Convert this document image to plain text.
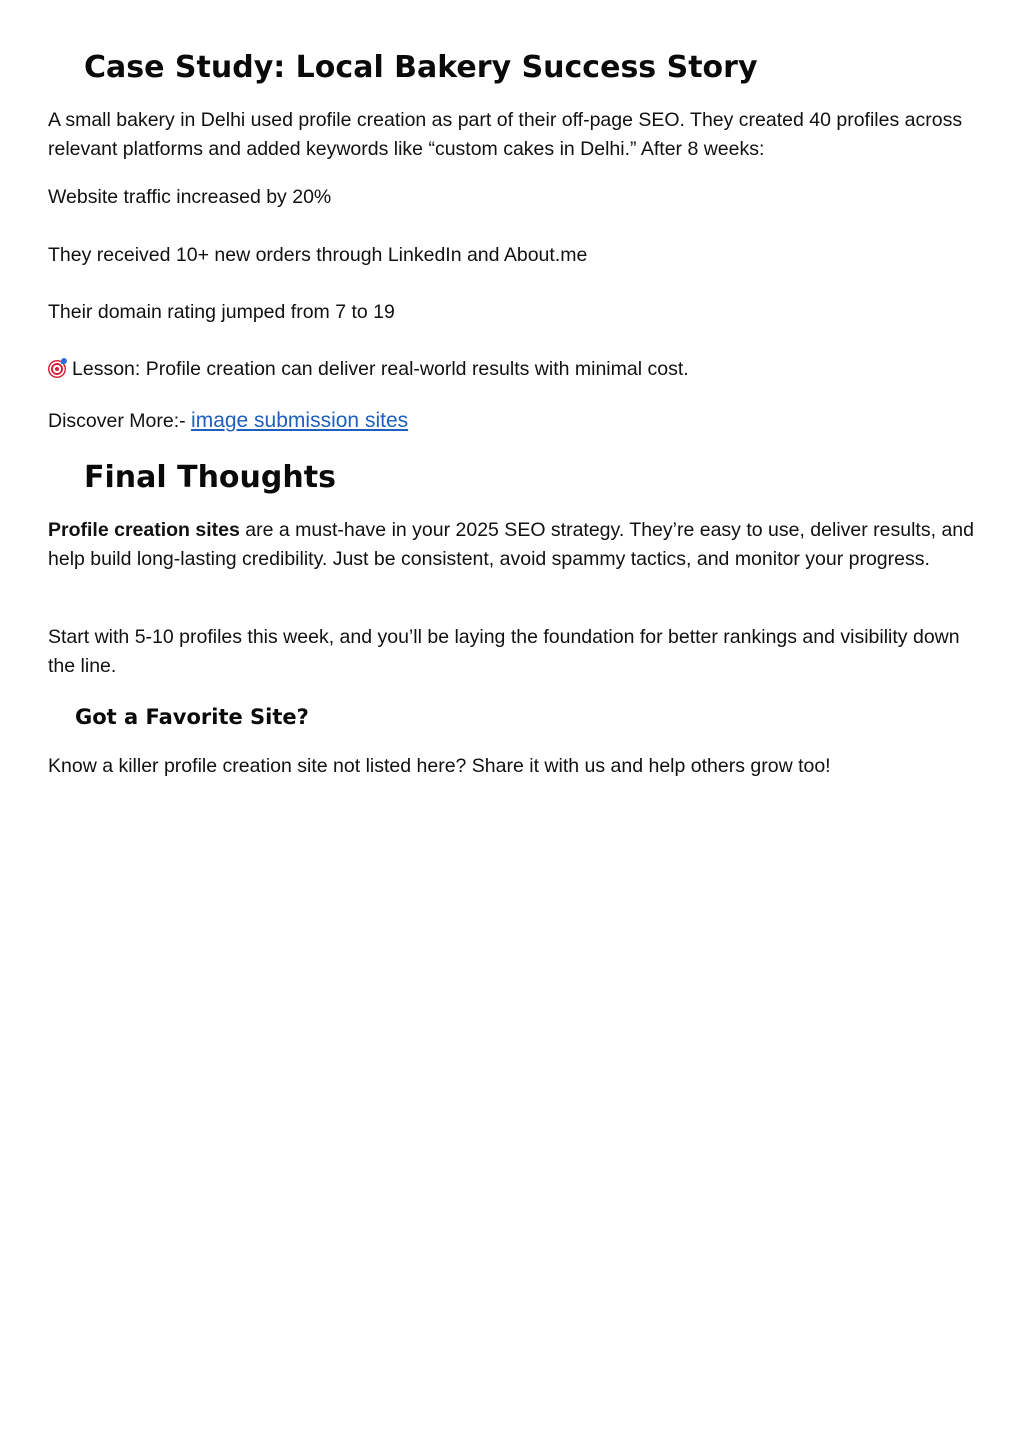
Case Study: Local Bakery Success Story

A small bakery in Delhi used profile creation as part of their off-page SEO. They created 40 profiles across relevant platforms and added keywords like “custom cakes in Delhi.” After 8 weeks:

Website traffic increased by 20%

They received 10+ new orders through LinkedIn and About.me

Their domain rating jumped from 7 to 19

Lesson: Profile creation can deliver real-world results with minimal cost.

Discover More:- image submission sites

Final Thoughts

Profile creation sites are a must-have in your 2025 SEO strategy. They’re easy to use, deliver results, and help build long-lasting credibility. Just be consistent, avoid spammy tactics, and monitor your progress.

Start with 5-10 profiles this week, and you’ll be laying the foundation for better rankings and visibility down the line.

Got a Favorite Site?

Know a killer profile creation site not listed here? Share it with us and help others grow too!
